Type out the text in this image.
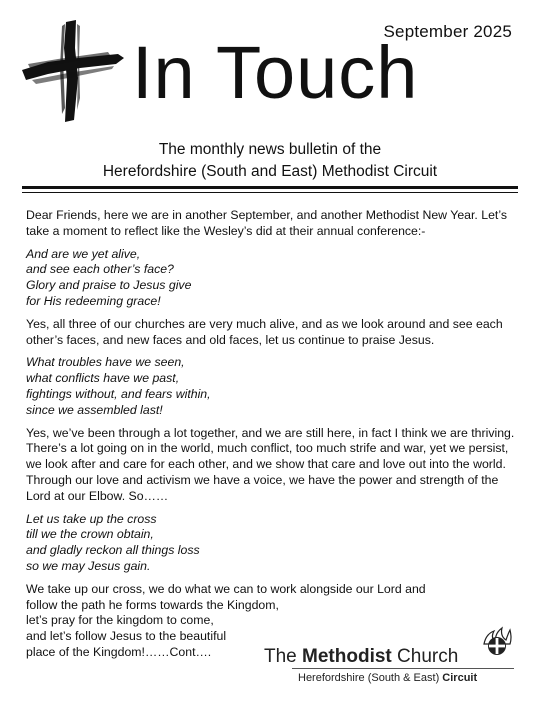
September 2025
In Touch
The monthly news bulletin of the
Herefordshire (South and East) Methodist Circuit

Dear Friends, here we are in another September, and another Methodist New Year. Let’s take a moment to reflect like the Wesley’s did at their annual conference:-

And are we yet alive,
and see each other’s face?
Glory and praise to Jesus give
for His redeeming grace!

Yes, all three of our churches are very much alive, and as we look around and see each other’s faces, and new faces and old faces, let us continue to praise Jesus.

What troubles have we seen,
what conflicts have we past,
fightings without, and fears within,
since we assembled last!

Yes, we’ve been through a lot together, and we are still here, in fact I think we are thriving. There’s a lot going on in the world, much conflict, too much strife and war, yet we persist, we look after and care for each other, and we show that care and love out into the world. Through our love and activism we have a voice, we have the power and strength of the Lord at our Elbow. So……

Let us take up the cross
till we the crown obtain,
and gladly reckon all things loss
so we may Jesus gain.

We take up our cross, we do what we can to work alongside our Lord and
follow the path he forms towards the Kingdom,
let’s pray for the kingdom to come,
and let’s follow Jesus to the beautiful
place of the Kingdom!……Cont….	The Methodist Church
Herefordshire (South & East) Circuit
